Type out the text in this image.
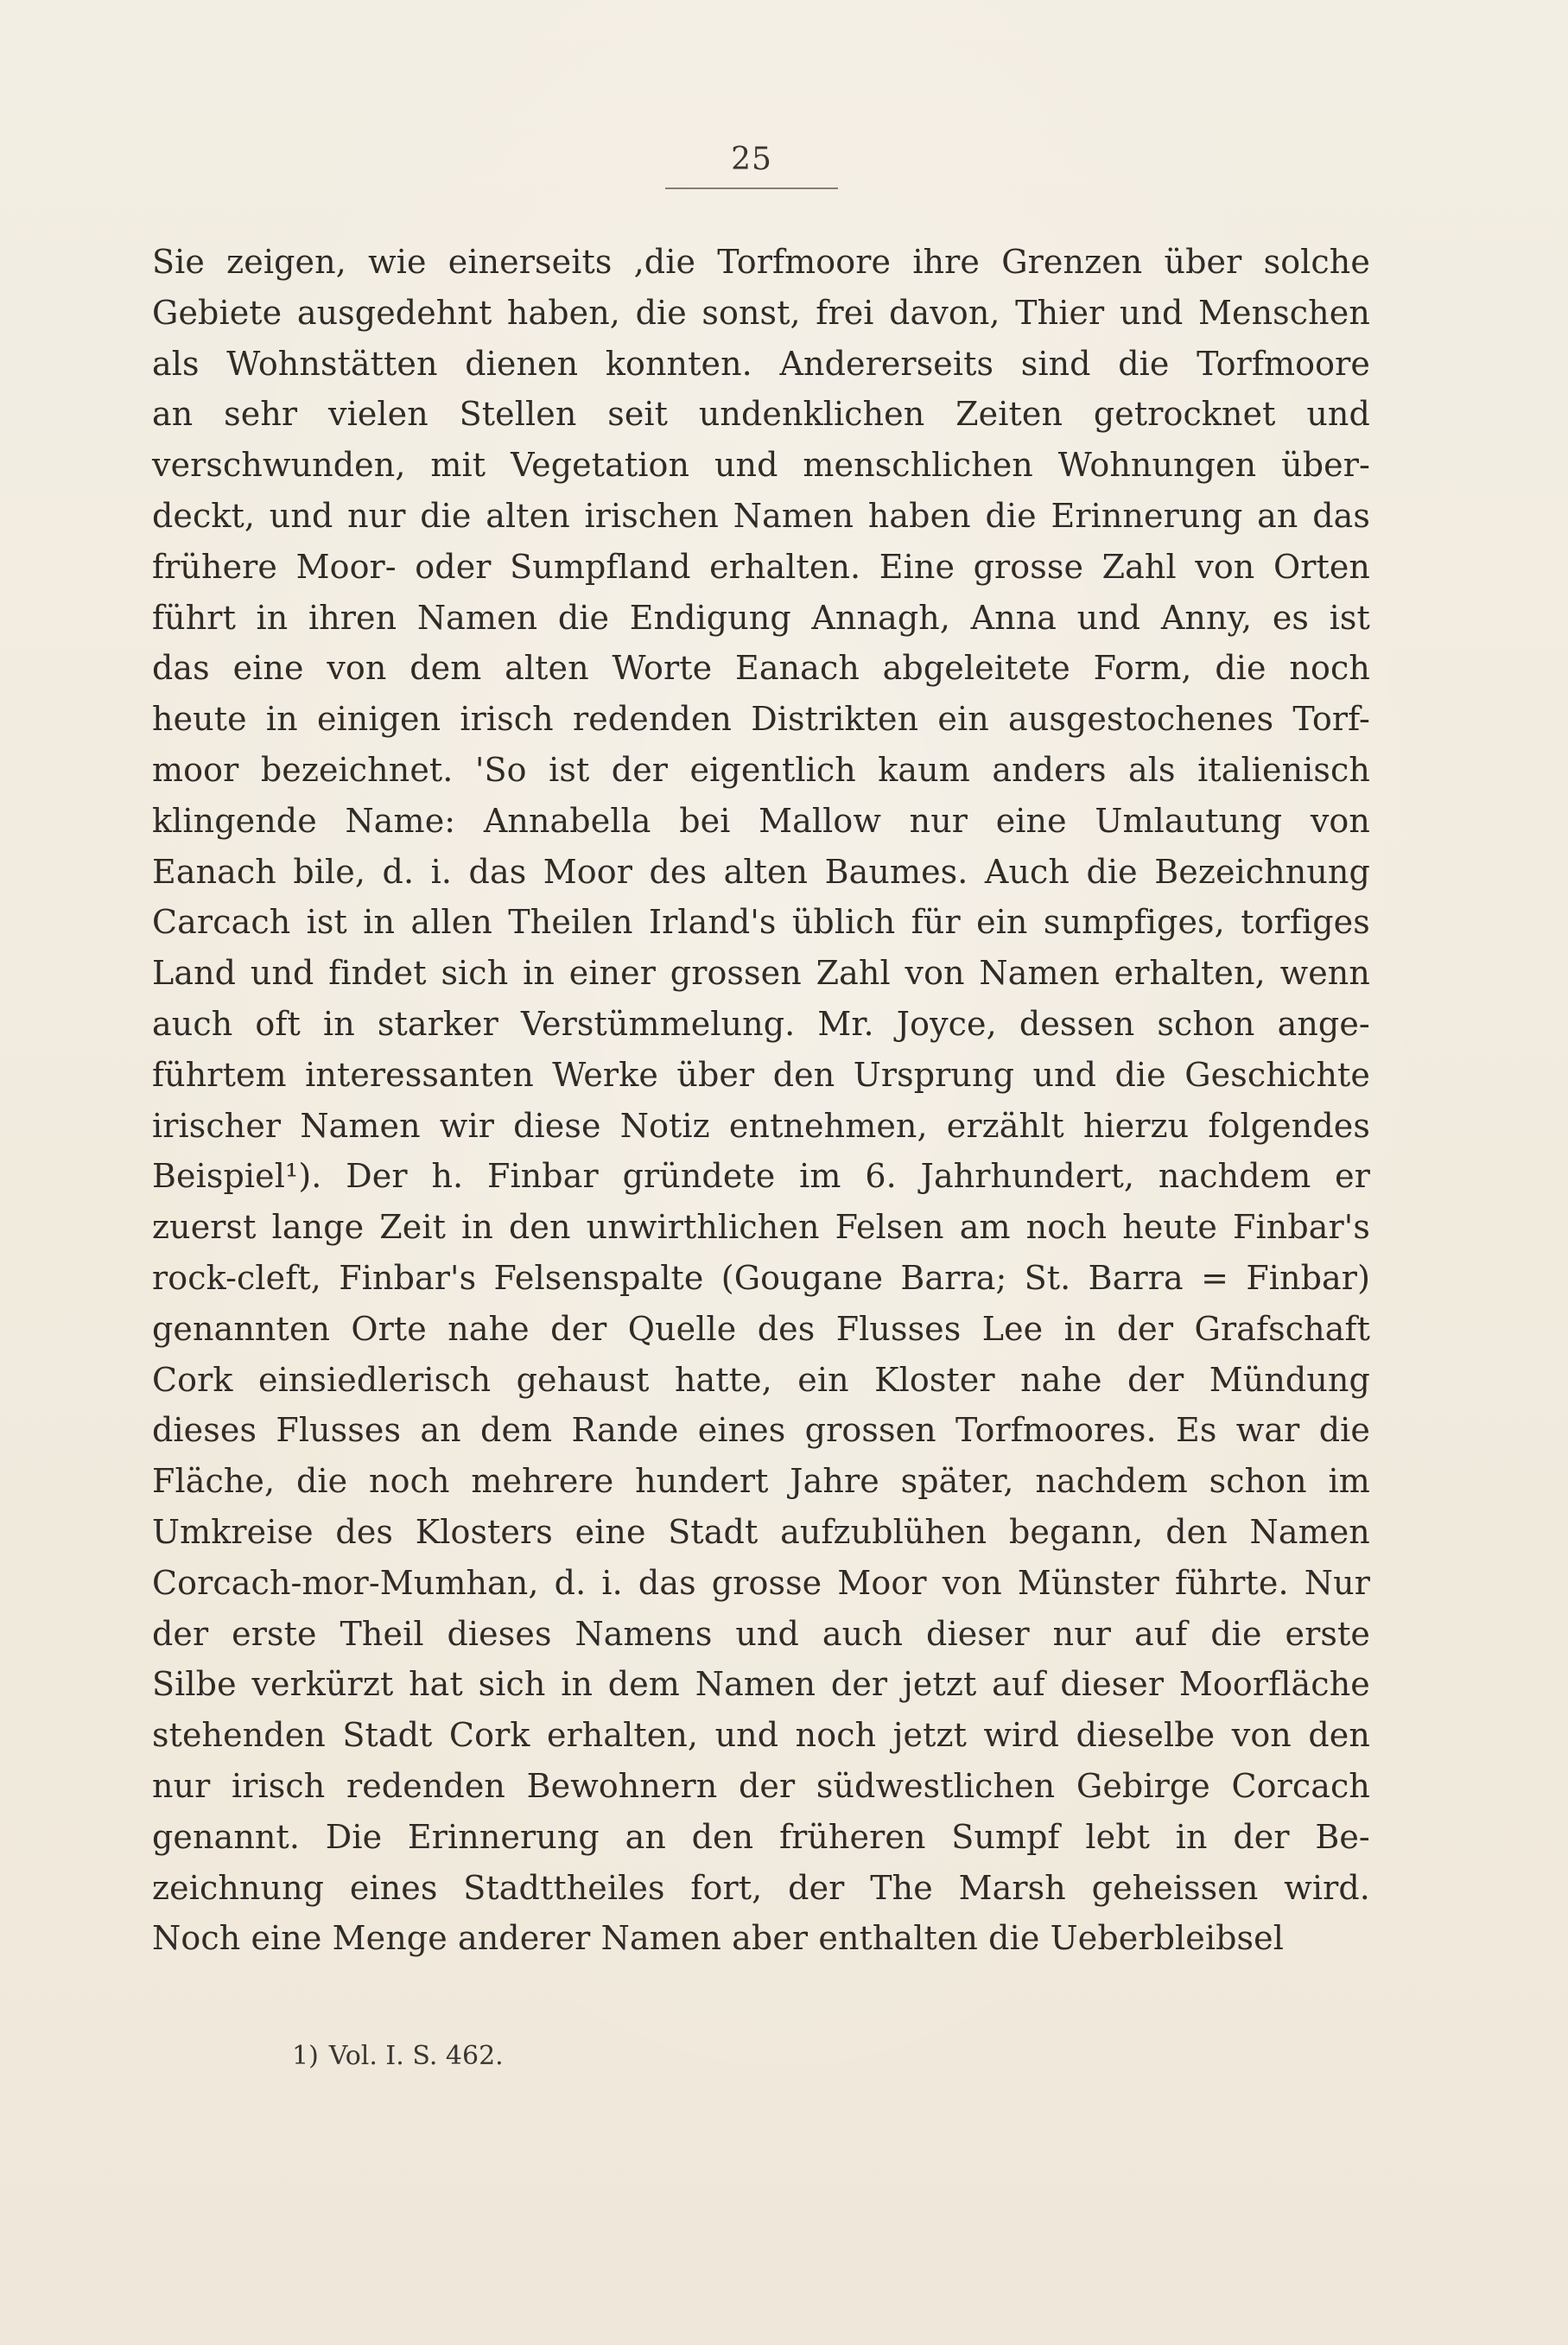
25
Sie zeigen, wie einerseits ,die Torfmoore ihre Grenzen über solche
Gebiete ausgedehnt haben, die sonst, frei davon, Thier und Menschen
als Wohnstätten dienen konnten. Andererseits sind die Torfmoore
an sehr vielen Stellen seit undenklichen Zeiten getrocknet und
verschwunden, mit Vegetation und menschlichen Wohnungen über-
deckt, und nur die alten irischen Namen haben die Erinnerung an das
frühere Moor- oder Sumpfland erhalten. Eine grosse Zahl von Orten
führt in ihren Namen die Endigung Annagh, Anna und Anny, es ist
das eine von dem alten Worte Eanach abgeleitete Form, die noch
heute in einigen irisch redenden Distrikten ein ausgestochenes Torf-
moor bezeichnet. 'So ist der eigentlich kaum anders als italienisch
klingende Name: Annabella bei Mallow nur eine Umlautung von
Eanach bile, d. i. das Moor des alten Baumes. Auch die Bezeichnung
Carcach ist in allen Theilen Irland's üblich für ein sumpfiges, torfiges
Land und findet sich in einer grossen Zahl von Namen erhalten, wenn
auch oft in starker Verstümmelung. Mr. Joyce, dessen schon ange-
führtem interessanten Werke über den Ursprung und die Geschichte
irischer Namen wir diese Notiz entnehmen, erzählt hierzu folgendes
Beispiel¹). Der h. Finbar gründete im 6. Jahrhundert, nachdem er
zuerst lange Zeit in den unwirthlichen Felsen am noch heute Finbar's
rock-cleft, Finbar's Felsenspalte (Gougane Barra; St. Barra = Finbar)
genannten Orte nahe der Quelle des Flusses Lee in der Grafschaft
Cork einsiedlerisch gehaust hatte, ein Kloster nahe der Mündung
dieses Flusses an dem Rande eines grossen Torfmoores. Es war die
Fläche, die noch mehrere hundert Jahre später, nachdem schon im
Umkreise des Klosters eine Stadt aufzublühen begann, den Namen
Corcach-mor-Mumhan, d. i. das grosse Moor von Münster führte. Nur
der erste Theil dieses Namens und auch dieser nur auf die erste
Silbe verkürzt hat sich in dem Namen der jetzt auf dieser Moorfläche
stehenden Stadt Cork erhalten, und noch jetzt wird dieselbe von den
nur irisch redenden Bewohnern der südwestlichen Gebirge Corcach
genannt. Die Erinnerung an den früheren Sumpf lebt in der Be-
zeichnung eines Stadttheiles fort, der The Marsh geheissen wird.
Noch eine Menge anderer Namen aber enthalten die Ueberbleibsel
1) Vol. I. S. 462.
